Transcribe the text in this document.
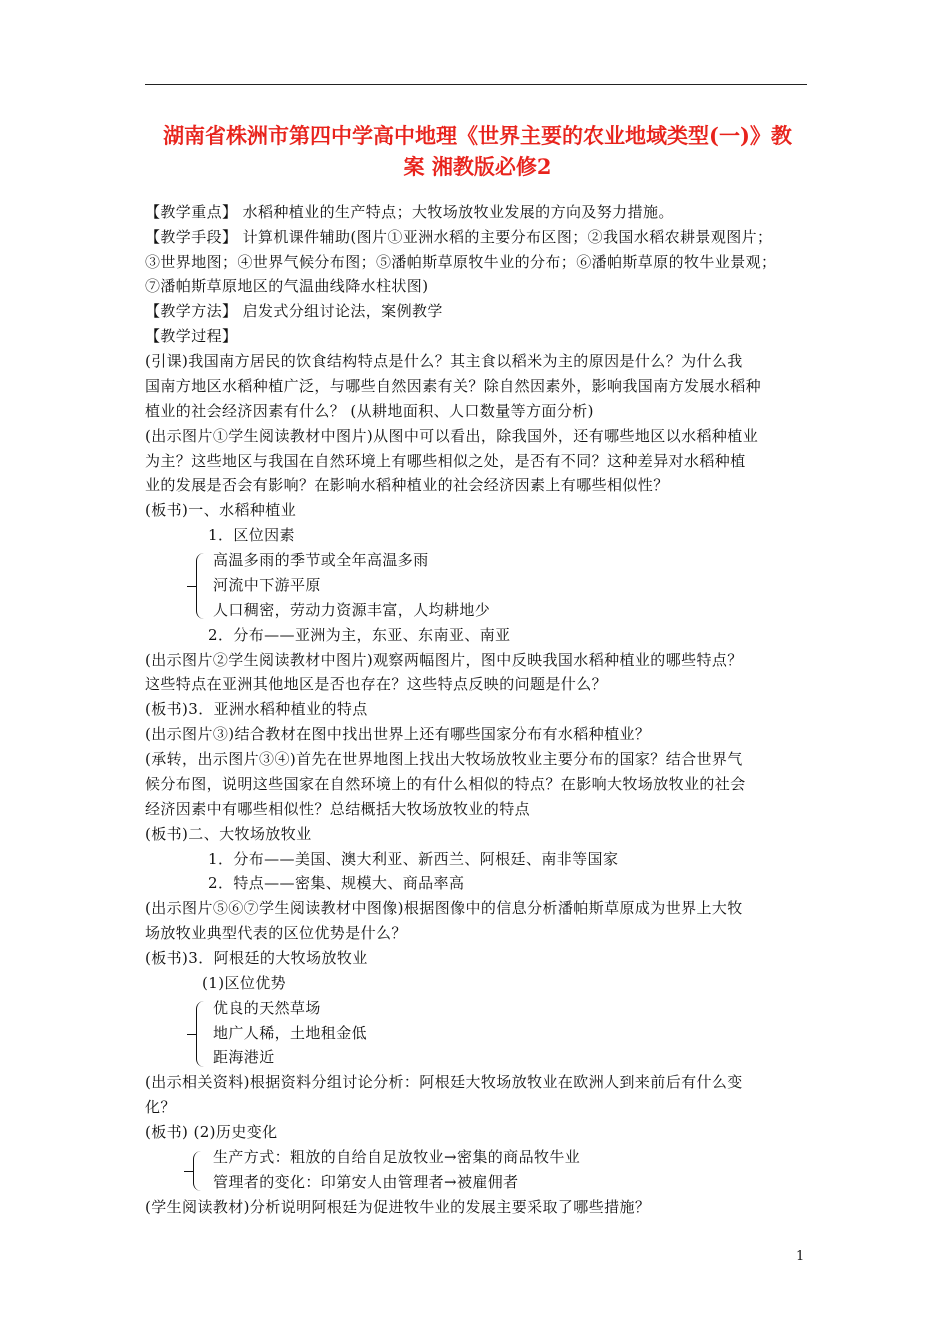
湖南省株洲市第四中学高中地理《世界主要的农业地域类型(一)》教
案 湘教版必修2
【教学重点】 水稻种植业的生产特点；大牧场放牧业发展的方向及努力措施。
【教学手段】 计算机课件辅助(图片①亚洲水稻的主要分布区图；②我国水稻农耕景观图片；
③世界地图；④世界气候分布图；⑤潘帕斯草原牧牛业的分布；⑥潘帕斯草原的牧牛业景观；
⑦潘帕斯草原地区的气温曲线降水柱状图)
【教学方法】 启发式分组讨论法，案例教学
【教学过程】
(引课)我国南方居民的饮食结构特点是什么？其主食以稻米为主的原因是什么？为什么我
国南方地区水稻种植广泛，与哪些自然因素有关？除自然因素外，影响我国南方发展水稻种
植业的社会经济因素有什么？ (从耕地面积、人口数量等方面分析)
(出示图片①学生阅读教材中图片)从图中可以看出，除我国外，还有哪些地区以水稻种植业
为主？这些地区与我国在自然环境上有哪些相似之处，是否有不同？这种差异对水稻种植
业的发展是否会有影响？在影响水稻种植业的社会经济因素上有哪些相似性？
(板书)一、水稻种植业
1．区位因素
高温多雨的季节或全年高温多雨
河流中下游平原
人口稠密，劳动力资源丰富，人均耕地少
2．分布——亚洲为主，东亚、东南亚、南亚
(出示图片②学生阅读教材中图片)观察两幅图片，图中反映我国水稻种植业的哪些特点？
这些特点在亚洲其他地区是否也存在？这些特点反映的问题是什么？
(板书)3．亚洲水稻种植业的特点
(出示图片③)结合教材在图中找出世界上还有哪些国家分布有水稻种植业？
(承转，出示图片③④)首先在世界地图上找出大牧场放牧业主要分布的国家？结合世界气
候分布图，说明这些国家在自然环境上的有什么相似的特点？在影响大牧场放牧业的社会
经济因素中有哪些相似性？总结概括大牧场放牧业的特点
(板书)二、大牧场放牧业
1．分布——美国、澳大利亚、新西兰、阿根廷、南非等国家
2．特点——密集、规模大、商品率高
(出示图片⑤⑥⑦学生阅读教材中图像)根据图像中的信息分析潘帕斯草原成为世界上大牧
场放牧业典型代表的区位优势是什么？
(板书)3．阿根廷的大牧场放牧业
(1)区位优势
优良的天然草场
地广人稀，土地租金低
距海港近
(出示相关资料)根据资料分组讨论分析：阿根廷大牧场放牧业在欧洲人到来前后有什么变
化？
(板书) (2)历史变化
生产方式：粗放的自给自足放牧业→密集的商品牧牛业
管理者的变化：印第安人由管理者→被雇佣者
(学生阅读教材)分析说明阿根廷为促进牧牛业的发展主要采取了哪些措施？
1
